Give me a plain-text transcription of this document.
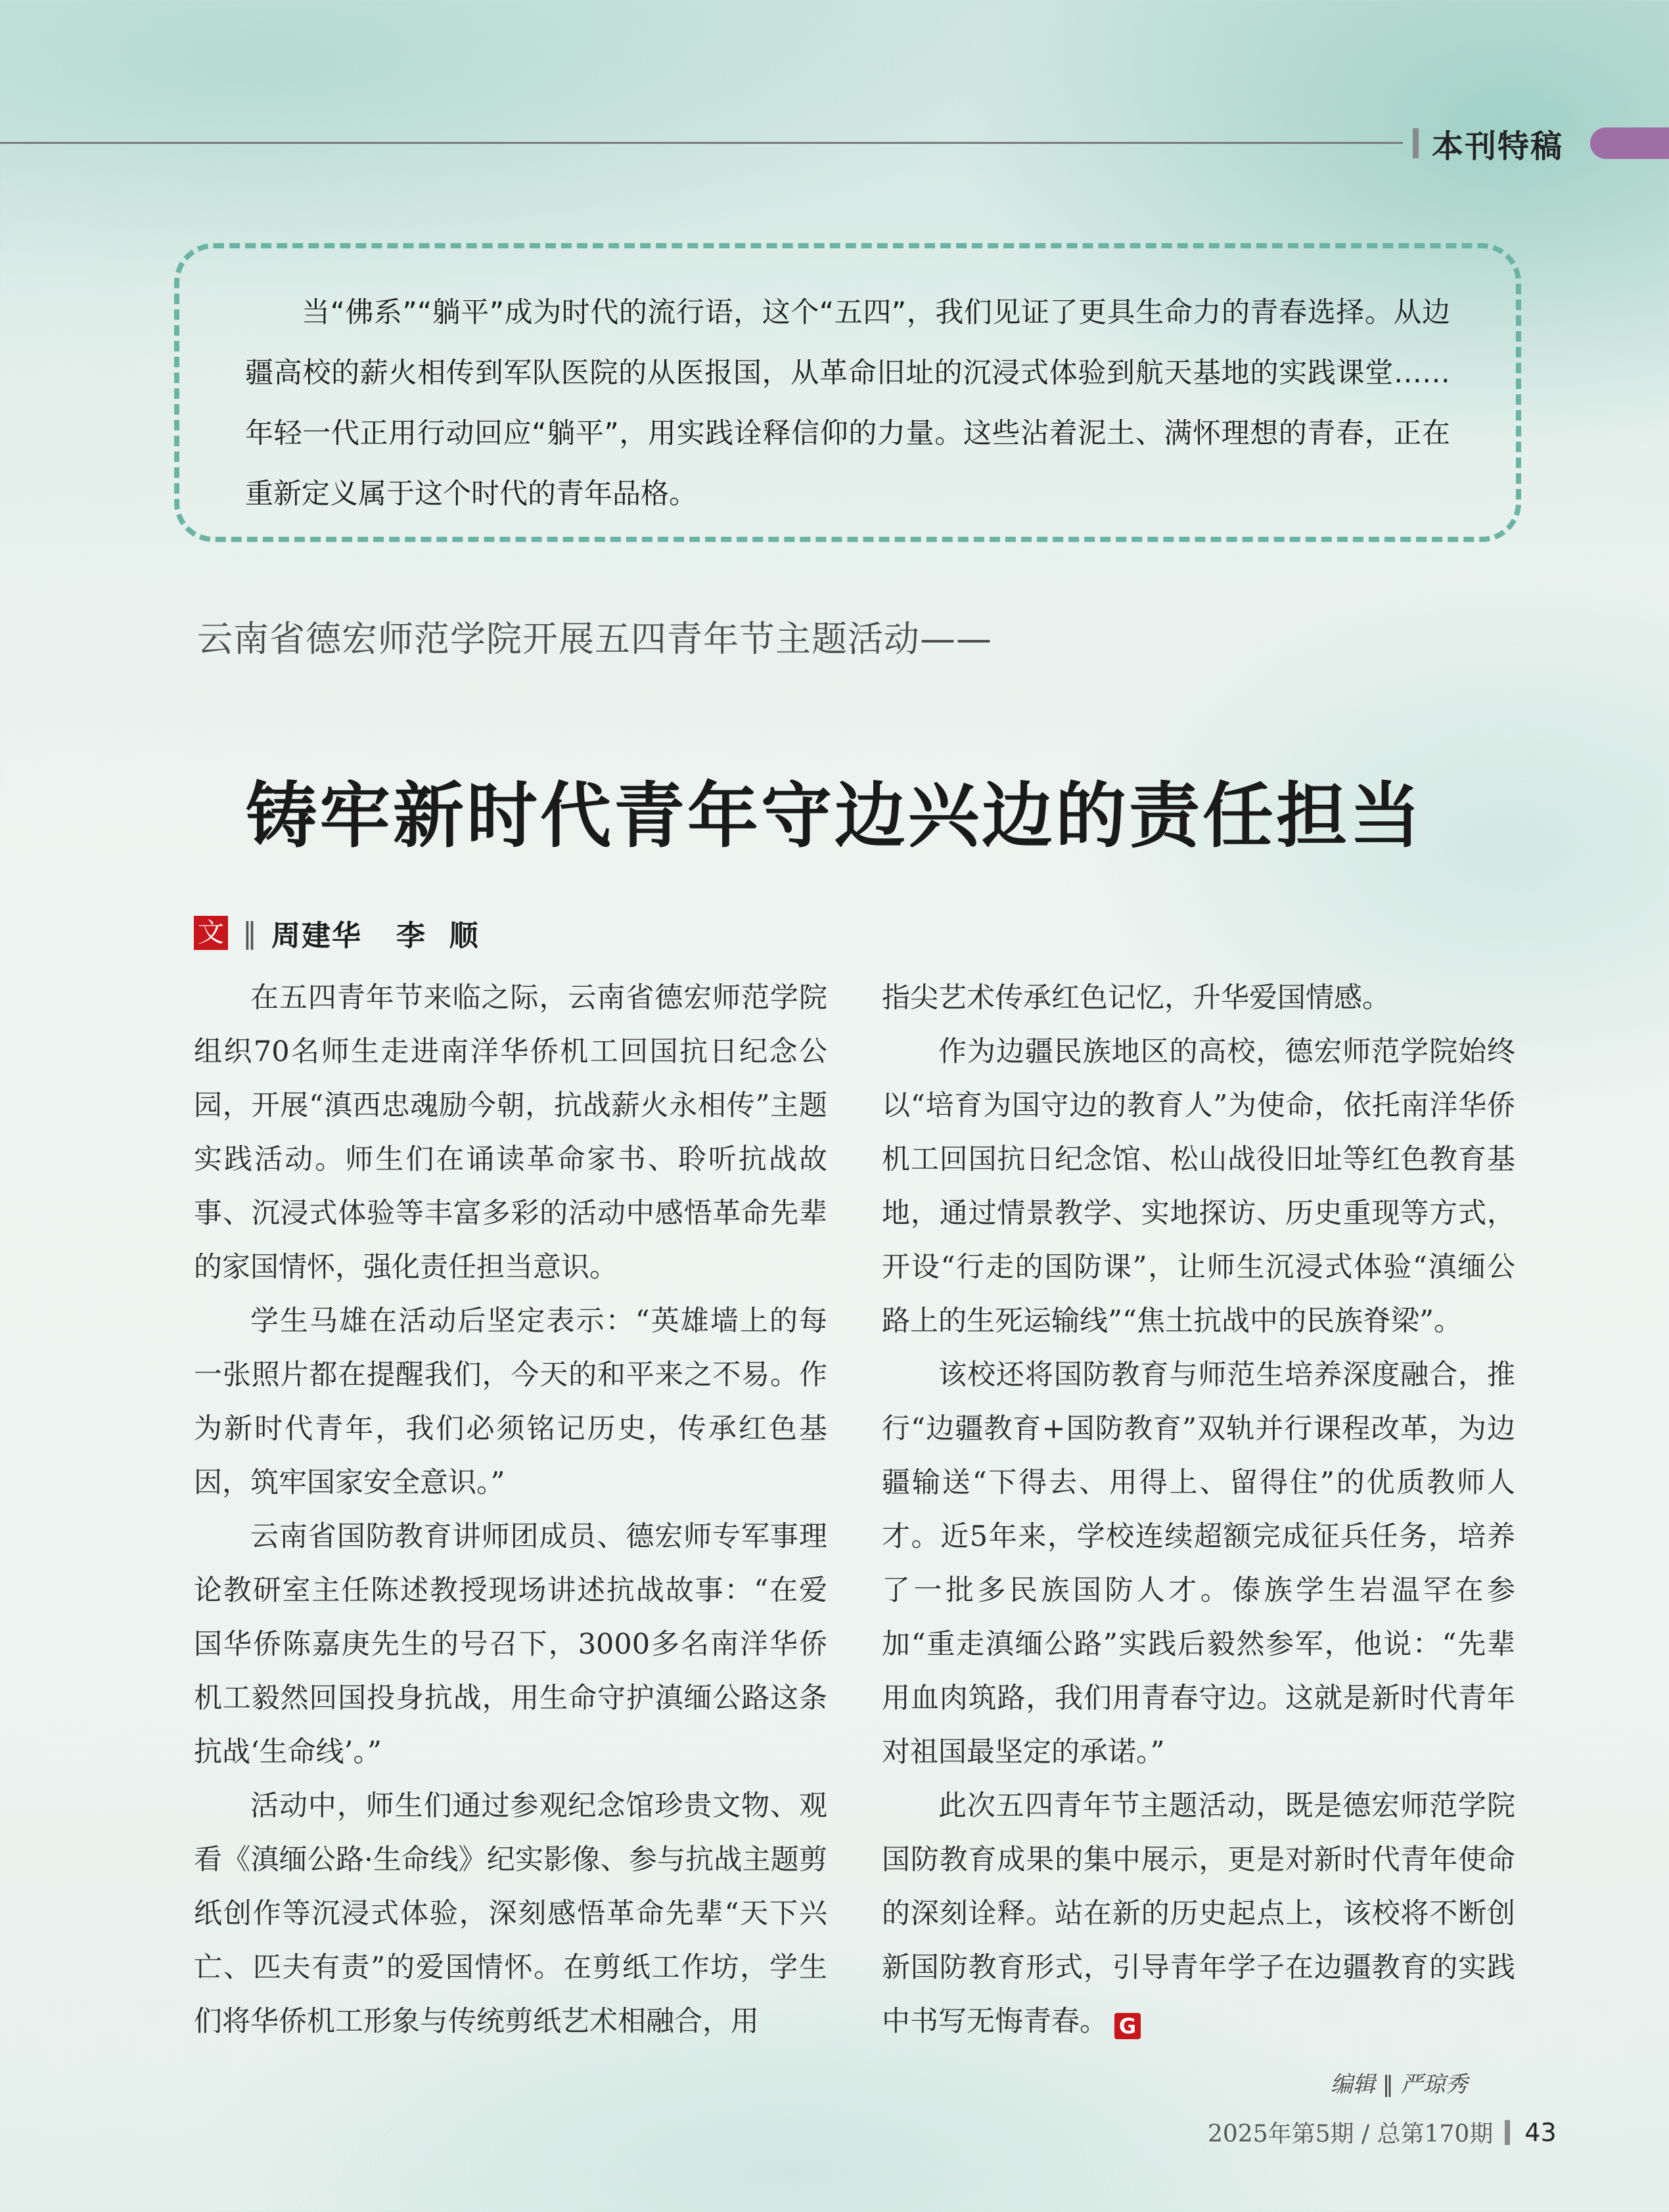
本刊特稿

当“佛系”“躺平”成为时代的流行语，这个“五四”，我们见证了更具生命力的青春选择。从边疆高校的薪火相传到军队医院的从医报国，从革命旧址的沉浸式体验到航天基地的实践课堂……年轻一代正用行动回应“躺平”，用实践诠释信仰的力量。这些沾着泥土、满怀理想的青春，正在重新定义属于这个时代的青年品格。

云南省德宏师范学院开展五四青年节主题活动——
铸牢新时代青年守边兴边的责任担当
文 ‖ 周建华   李  顺

在五四青年节来临之际，云南省德宏师范学院组织70名师生走进南洋华侨机工回国抗日纪念公园，开展“滇西忠魂励今朝，抗战薪火永相传”主题实践活动。师生们在诵读革命家书、聆听抗战故事、沉浸式体验等丰富多彩的活动中感悟革命先辈的家国情怀，强化责任担当意识。

学生马雄在活动后坚定表示：“英雄墙上的每一张照片都在提醒我们，今天的和平来之不易。作为新时代青年，我们必须铭记历史，传承红色基因，筑牢国家安全意识。”

云南省国防教育讲师团成员、德宏师专军事理论教研室主任陈述教授现场讲述抗战故事：“在爱国华侨陈嘉庚先生的号召下，3000多名南洋华侨机工毅然回国投身抗战，用生命守护滇缅公路这条抗战‘生命线’。”

活动中，师生们通过参观纪念馆珍贵文物、观看《滇缅公路·生命线》纪实影像、参与抗战主题剪纸创作等沉浸式体验，深刻感悟革命先辈“天下兴亡、匹夫有责”的爱国情怀。在剪纸工作坊，学生们将华侨机工形象与传统剪纸艺术相融合，用

指尖艺术传承红色记忆，升华爱国情感。

作为边疆民族地区的高校，德宏师范学院始终以“培育为国守边的教育人”为使命，依托南洋华侨机工回国抗日纪念馆、松山战役旧址等红色教育基地，通过情景教学、实地探访、历史重现等方式，开设“行走的国防课”，让师生沉浸式体验“滇缅公路上的生死运输线”“焦土抗战中的民族脊梁”。

该校还将国防教育与师范生培养深度融合，推行“边疆教育+国防教育”双轨并行课程改革，为边疆输送“下得去、用得上、留得住”的优质教师人才。近5年来，学校连续超额完成征兵任务，培养了一批多民族国防人才。傣族学生岩温罕在参加“重走滇缅公路”实践后毅然参军，他说：“先辈用血肉筑路，我们用青春守边。这就是新时代青年对祖国最坚定的承诺。”

此次五四青年节主题活动，既是德宏师范学院国防教育成果的集中展示，更是对新时代青年使命的深刻诠释。站在新的历史起点上，该校将不断创新国防教育形式，引导青年学子在边疆教育的实践中书写无悔青春。 G

编辑 ‖ 严琼秀
2025年第5期 / 总第170期 43
